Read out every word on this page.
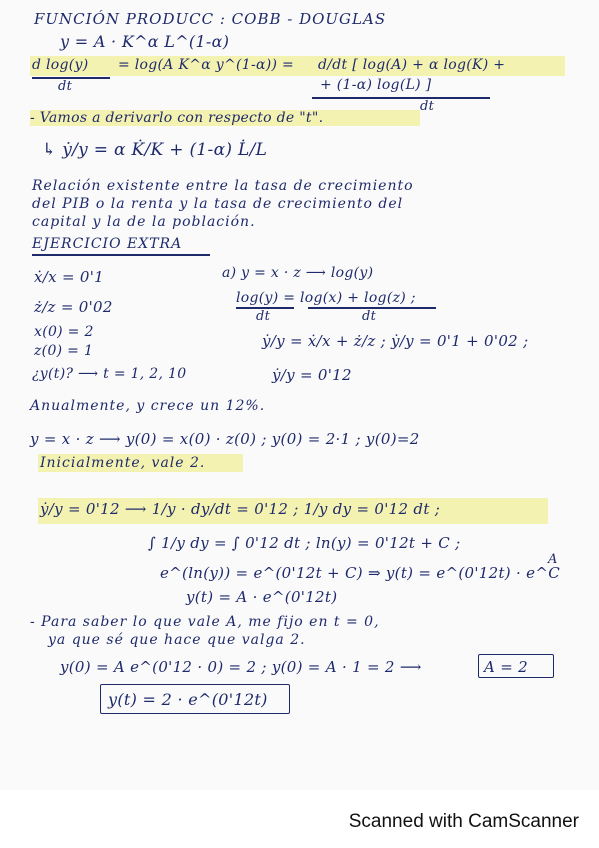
FUNCIÓN PRODUCC : COBB - DOUGLAS
y = A · K^α L^(1-α)
d log(y)
dt
= log(A K^α y^(1-α)) = d/dt [ log(A) + α log(K) +
+ (1-α) log(L) ]
dt
- Vamos a derivarlo con respecto de "t".
↳ ẏ/y = α K̇/K + (1-α) L̇/L
Relación existente entre la tasa de crecimiento
del PIB o la renta y la tasa de crecimiento del
capital y la de la población.
EJERCICIO EXTRA
ẋ/x = 0'1
ż/z = 0'02
x(0) = 2
z(0) = 1
¿y(t)? ⟶ t = 1, 2, 10
a) y = x · z ⟶ log(y)
log(y) = log(x) + log(z) ;
dt	dt
ẏ/y = ẋ/x + ż/z ; ẏ/y = 0'1 + 0'02 ;
ẏ/y = 0'12
Anualmente, y crece un 12%.
y = x · z ⟶ y(0) = x(0) · z(0) ; y(0) = 2·1 ; y(0)=2
Inicialmente, vale 2.
ẏ/y = 0'12 ⟶ 1/y · dy/dt = 0'12 ; 1/y dy = 0'12 dt ;
∫ 1/y dy = ∫ 0'12 dt ; ln(y) = 0'12t + C ;
e^(ln(y)) = e^(0'12t + C) ⇒ y(t) = e^(0'12t) · e^C
A
y(t) = A · e^(0'12t)
- Para saber lo que vale A, me fijo en t = 0,
ya que sé que hace que valga 2.
y(0) = A e^(0'12 · 0) = 2 ; y(0) = A · 1 = 2 ⟶	A = 2
y(t) = 2 · e^(0'12t)
Scanned with CamScanner
